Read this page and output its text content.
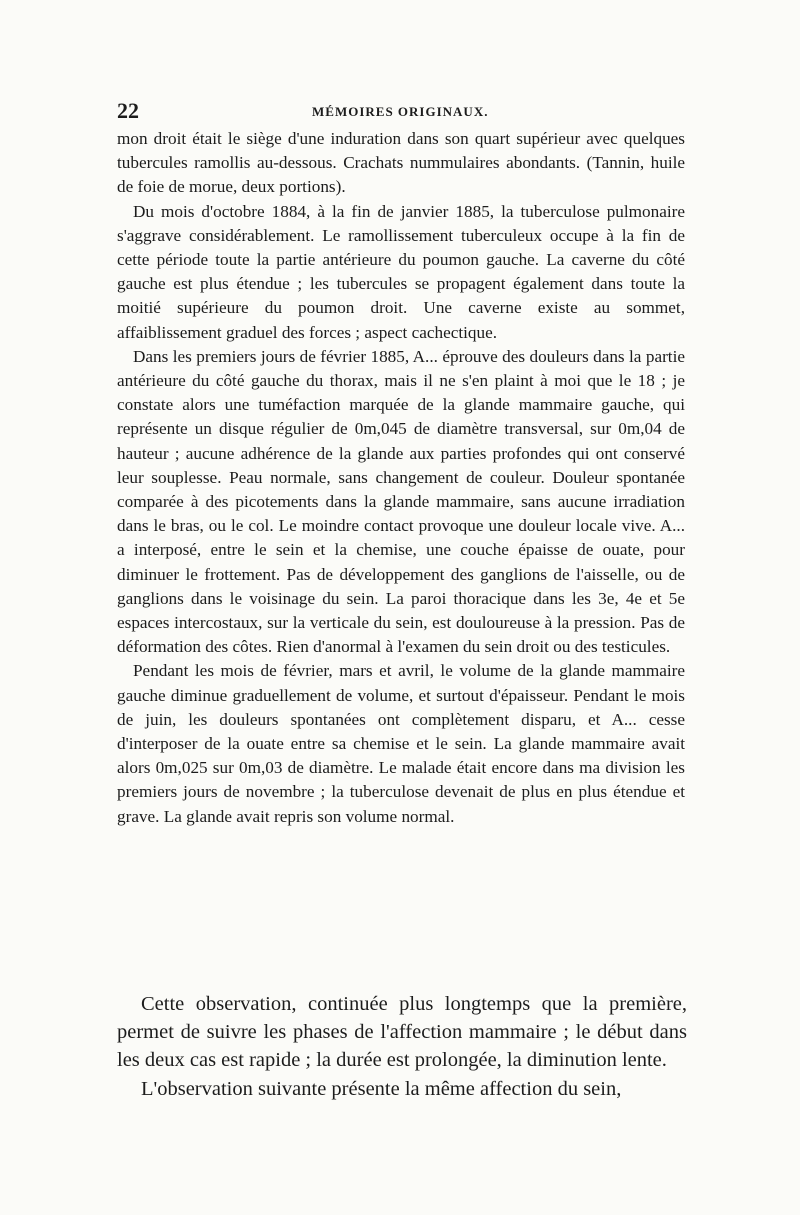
22	MÉMOIRES ORIGINAUX.

mon droit était le siège d'une induration dans son quart supérieur avec quelques tubercules ramollis au-dessous. Crachats nummulaires abondants. (Tannin, huile de foie de morue, deux portions).

Du mois d'octobre 1884, à la fin de janvier 1885, la tuberculose pulmonaire s'aggrave considérablement. Le ramollissement tuberculeux occupe à la fin de cette période toute la partie antérieure du poumon gauche. La caverne du côté gauche est plus étendue ; les tubercules se propagent également dans toute la moitié supérieure du poumon droit. Une caverne existe au sommet, affaiblissement graduel des forces ; aspect cachectique.

Dans les premiers jours de février 1885, A... éprouve des douleurs dans la partie antérieure du côté gauche du thorax, mais il ne s'en plaint à moi que le 18 ; je constate alors une tuméfaction marquée de la glande mammaire gauche, qui représente un disque régulier de 0m,045 de diamètre transversal, sur 0m,04 de hauteur ; aucune adhérence de la glande aux parties profondes qui ont conservé leur souplesse. Peau normale, sans changement de couleur. Douleur spontanée comparée à des picotements dans la glande mammaire, sans aucune irradiation dans le bras, ou le col. Le moindre contact provoque une douleur locale vive. A... a interposé, entre le sein et la chemise, une couche épaisse de ouate, pour diminuer le frottement. Pas de développement des ganglions de l'aisselle, ou de ganglions dans le voisinage du sein. La paroi thoracique dans les 3e, 4e et 5e espaces intercostaux, sur la verticale du sein, est douloureuse à la pression. Pas de déformation des côtes. Rien d'anormal à l'examen du sein droit ou des testicules.

Pendant les mois de février, mars et avril, le volume de la glande mammaire gauche diminue graduellement de volume, et surtout d'épaisseur. Pendant le mois de juin, les douleurs spontanées ont complètement disparu, et A... cesse d'interposer de la ouate entre sa chemise et le sein. La glande mammaire avait alors 0m,025 sur 0m,03 de diamètre. Le malade était encore dans ma division les premiers jours de novembre ; la tuberculose devenait de plus en plus étendue et grave. La glande avait repris son volume normal.

Cette observation, continuée plus longtemps que la première, permet de suivre les phases de l'affection mammaire ; le début dans les deux cas est rapide ; la durée est prolongée, la diminution lente.

L'observation suivante présente la même affection du sein,
